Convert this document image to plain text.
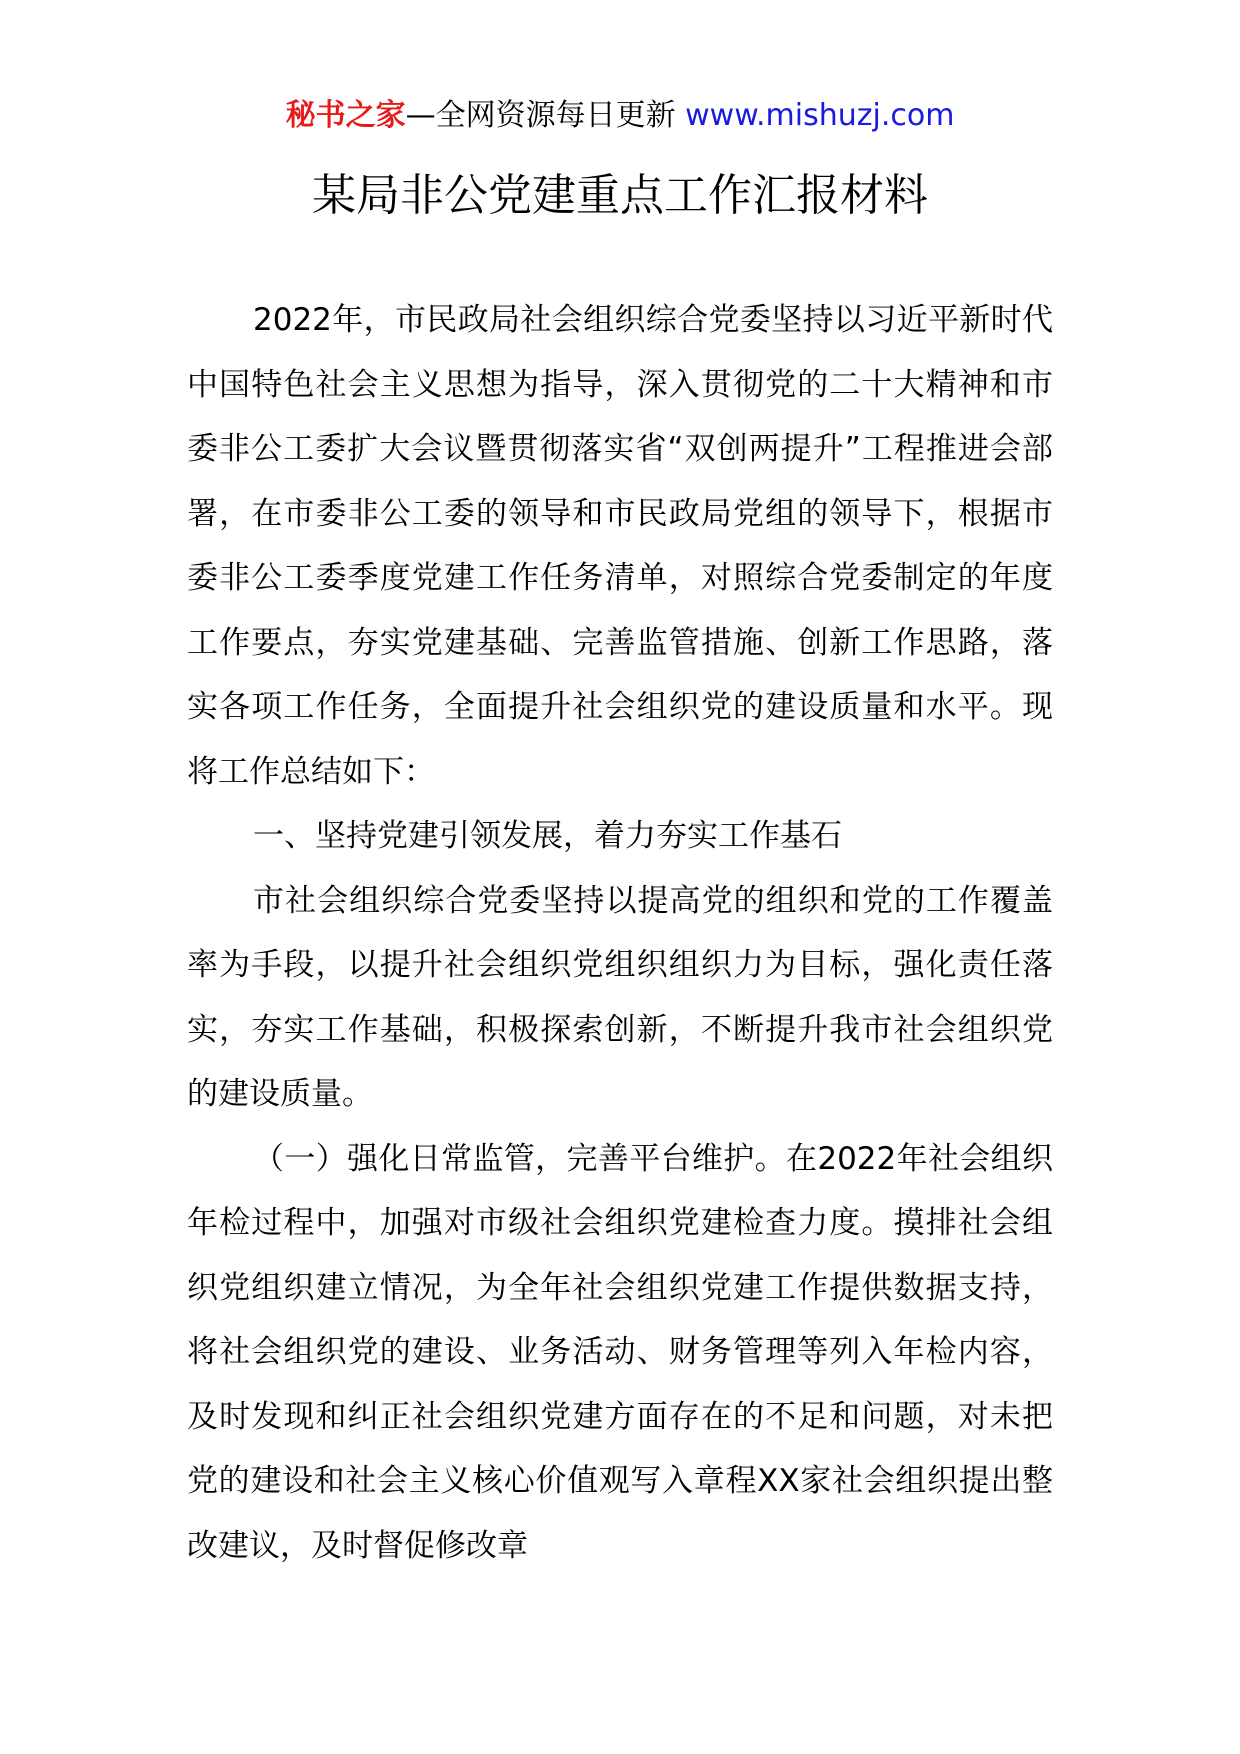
秘书之家—全网资源每日更新 www.mishuzj.com
某局非公党建重点工作汇报材料

2022年，市民政局社会组织综合党委坚持以习近平新时代中国特色社会主义思想为指导，深入贯彻党的二十大精神和市委非公工委扩大会议暨贯彻落实省“双创两提升”工程推进会部署，在市委非公工委的领导和市民政局党组的领导下，根据市委非公工委季度党建工作任务清单，对照综合党委制定的年度工作要点，夯实党建基础、完善监管措施、创新工作思路，落实各项工作任务，全面提升社会组织党的建设质量和水平。现将工作总结如下：

一、坚持党建引领发展，着力夯实工作基石

市社会组织综合党委坚持以提高党的组织和党的工作覆盖率为手段，以提升社会组织党组织组织力为目标，强化责任落实，夯实工作基础，积极探索创新，不断提升我市社会组织党的建设质量。

（一）强化日常监管，完善平台维护。在2022年社会组织年检过程中，加强对市级社会组织党建检查力度。摸排社会组织党组织建立情况，为全年社会组织党建工作提供数据支持，将社会组织党的建设、业务活动、财务管理等列入年检内容，及时发现和纠正社会组织党建方面存在的不足和问题，对未把党的建设和社会主义核心价值观写入章程XX家社会组织提出整改建议，及时督促修改章
